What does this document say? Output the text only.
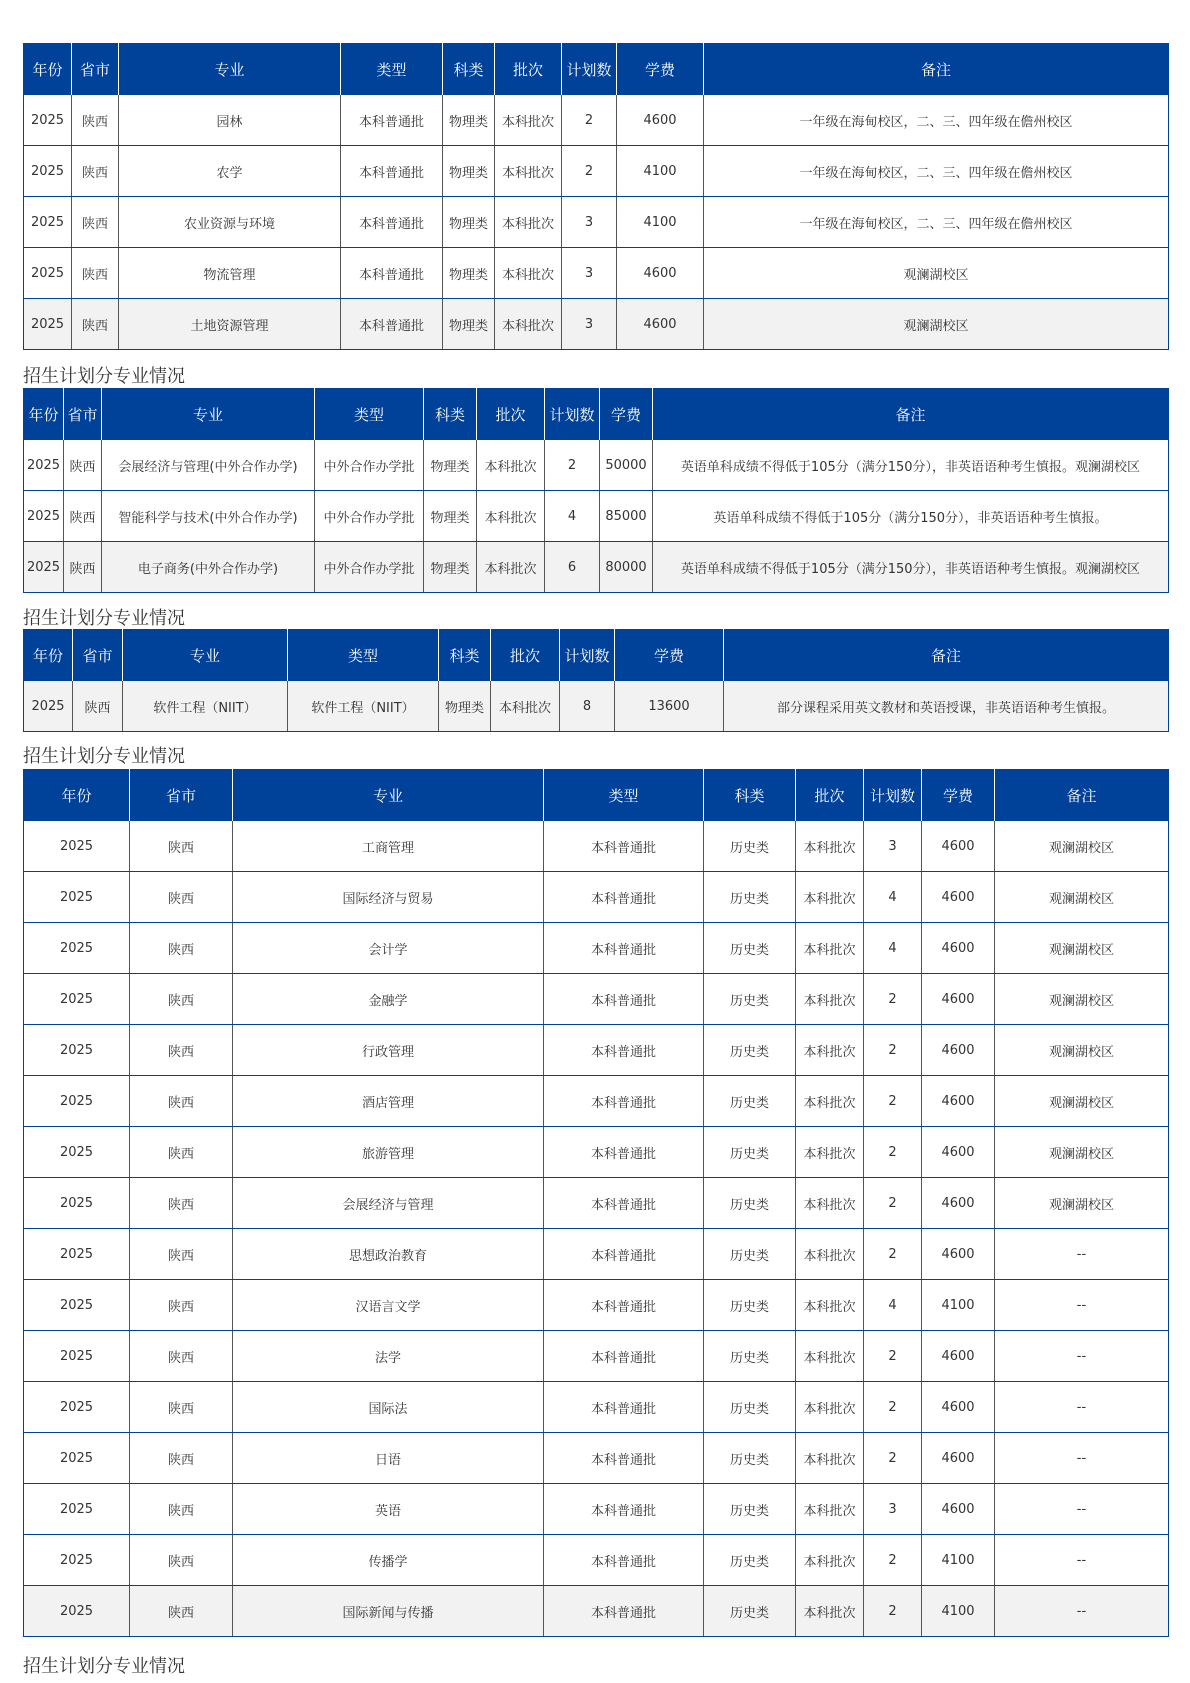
年份	省市	专业	类型	科类	批次	计划数	学费	备注
2025	陕西	园林	本科普通批	物理类	本科批次	2	4600	一年级在海甸校区，二、三、四年级在儋州校区
2025	陕西	农学	本科普通批	物理类	本科批次	2	4100	一年级在海甸校区，二、三、四年级在儋州校区
2025	陕西	农业资源与环境	本科普通批	物理类	本科批次	3	4100	一年级在海甸校区，二、三、四年级在儋州校区
2025	陕西	物流管理	本科普通批	物理类	本科批次	3	4600	观澜湖校区
2025	陕西	土地资源管理	本科普通批	物理类	本科批次	3	4600	观澜湖校区
年份	省市	专业	类型	科类	批次	计划数	学费	备注
2025	陕西	会展经济与管理(中外合作办学)	中外合作办学批	物理类	本科批次	2	50000	英语单科成绩不得低于105分（满分150分），非英语语种考生慎报。观澜湖校区
2025	陕西	智能科学与技术(中外合作办学)	中外合作办学批	物理类	本科批次	4	85000	英语单科成绩不得低于105分（满分150分），非英语语种考生慎报。
2025	陕西	电子商务(中外合作办学)	中外合作办学批	物理类	本科批次	6	80000	英语单科成绩不得低于105分（满分150分），非英语语种考生慎报。观澜湖校区
年份	省市	专业	类型	科类	批次	计划数	学费	备注
2025	陕西	软件工程（NIIT）	软件工程（NIIT）	物理类	本科批次	8	13600	部分课程采用英文教材和英语授课，非英语语种考生慎报。
年份	省市	专业	类型	科类	批次	计划数	学费	备注
2025	陕西	工商管理	本科普通批	历史类	本科批次	3	4600	观澜湖校区
2025	陕西	国际经济与贸易	本科普通批	历史类	本科批次	4	4600	观澜湖校区
2025	陕西	会计学	本科普通批	历史类	本科批次	4	4600	观澜湖校区
2025	陕西	金融学	本科普通批	历史类	本科批次	2	4600	观澜湖校区
2025	陕西	行政管理	本科普通批	历史类	本科批次	2	4600	观澜湖校区
2025	陕西	酒店管理	本科普通批	历史类	本科批次	2	4600	观澜湖校区
2025	陕西	旅游管理	本科普通批	历史类	本科批次	2	4600	观澜湖校区
2025	陕西	会展经济与管理	本科普通批	历史类	本科批次	2	4600	观澜湖校区
2025	陕西	思想政治教育	本科普通批	历史类	本科批次	2	4600	--
2025	陕西	汉语言文学	本科普通批	历史类	本科批次	4	4100	--
2025	陕西	法学	本科普通批	历史类	本科批次	2	4600	--
2025	陕西	国际法	本科普通批	历史类	本科批次	2	4600	--
2025	陕西	日语	本科普通批	历史类	本科批次	2	4600	--
2025	陕西	英语	本科普通批	历史类	本科批次	3	4600	--
2025	陕西	传播学	本科普通批	历史类	本科批次	2	4100	--
2025	陕西	国际新闻与传播	本科普通批	历史类	本科批次	2	4100	--
招生计划分专业情况
招生计划分专业情况
招生计划分专业情况
招生计划分专业情况
